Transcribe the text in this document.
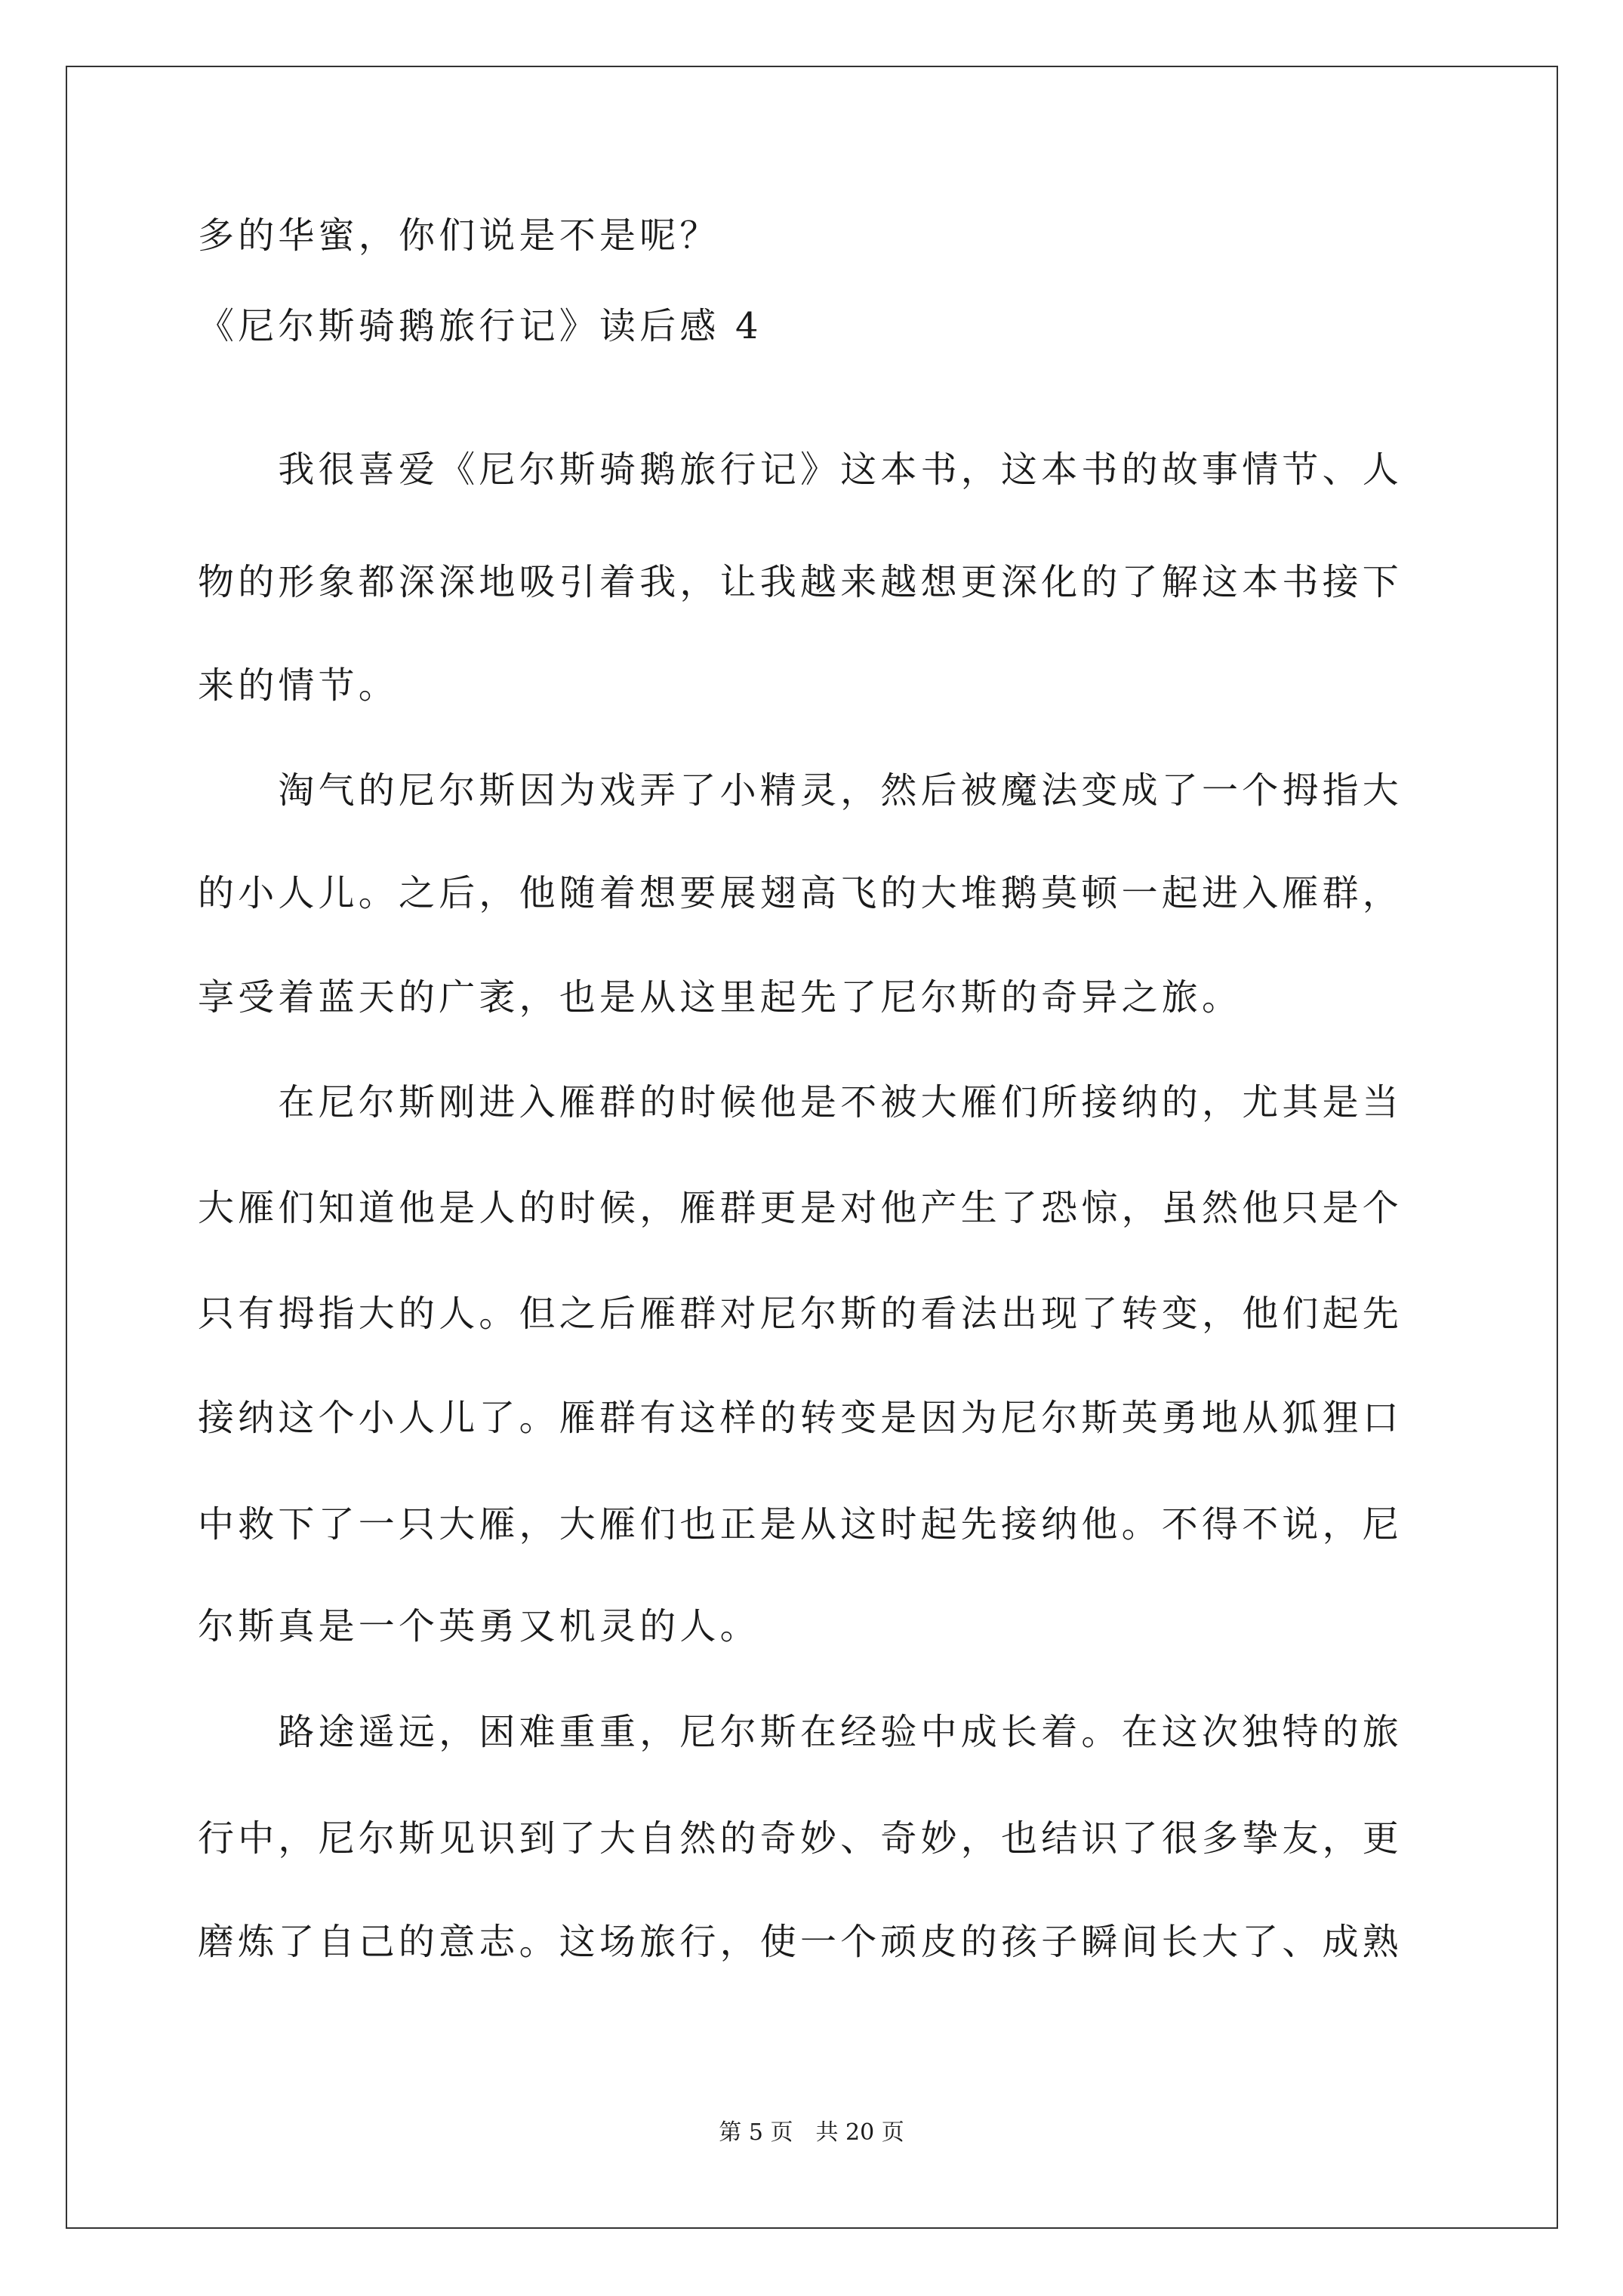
多的华蜜，你们说是不是呢？
《尼尔斯骑鹅旅行记》读后感 4
　　我很喜爱《尼尔斯骑鹅旅行记》这本书，这本书的故事情节、人
物的形象都深深地吸引着我，让我越来越想更深化的了解这本书接下
来的情节。
　　淘气的尼尔斯因为戏弄了小精灵，然后被魔法变成了一个拇指大
的小人儿。之后，他随着想要展翅高飞的大堆鹅莫顿一起进入雁群，
享受着蓝天的广袤，也是从这里起先了尼尔斯的奇异之旅。
　　在尼尔斯刚进入雁群的时候他是不被大雁们所接纳的，尤其是当
大雁们知道他是人的时候，雁群更是对他产生了恐惊，虽然他只是个
只有拇指大的人。但之后雁群对尼尔斯的看法出现了转变，他们起先
接纳这个小人儿了。雁群有这样的转变是因为尼尔斯英勇地从狐狸口
中救下了一只大雁，大雁们也正是从这时起先接纳他。不得不说，尼
尔斯真是一个英勇又机灵的人。
　　路途遥远，困难重重，尼尔斯在经验中成长着。在这次独特的旅
行中，尼尔斯见识到了大自然的奇妙、奇妙，也结识了很多挚友，更
磨炼了自己的意志。这场旅行，使一个顽皮的孩子瞬间长大了、成熟
第 5 页　共 20 页
